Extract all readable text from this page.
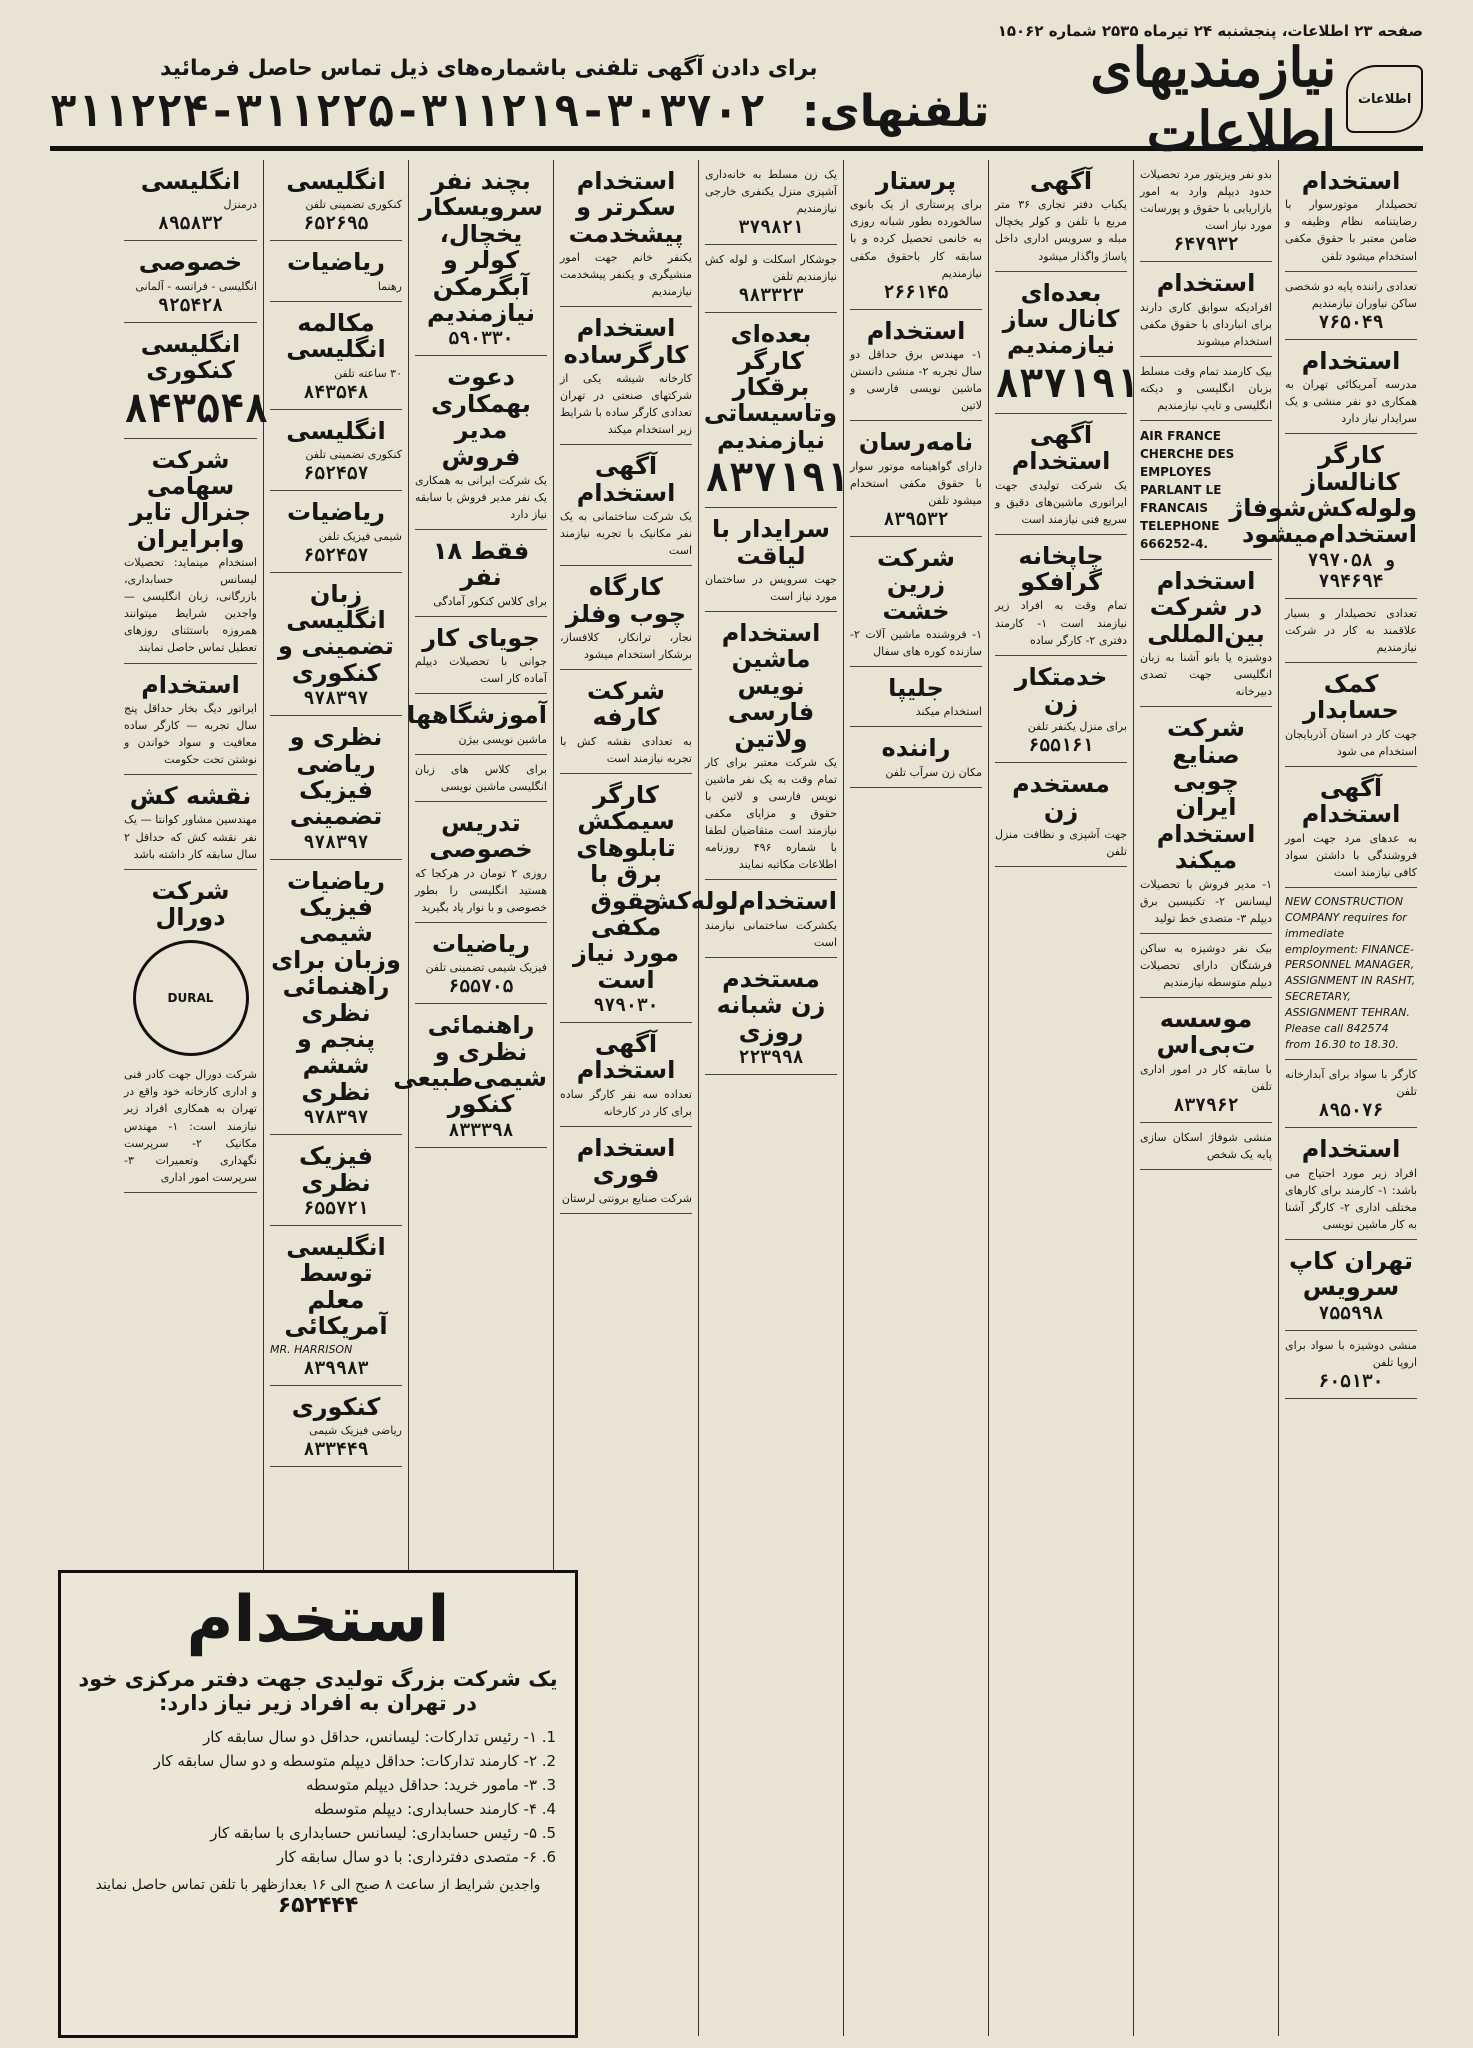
صفحه ۲۳ اطلاعات، پنجشنبه ۲۴ تیرماه ۲۵۳۵ شماره ۱۵۰۶۲
اطلاعات
نیازمندیهای اطلاعات
برای دادن آگهی تلفنی باشماره‌های ذیل تماس حاصل فرمائید
تلفنهای: ۳۰۳۷۰۲-۳۱۱۲۱۹-۳۱۱۲۲۵-۳۱۱۲۲۴
استخدام
تحصیلدار موتورسوار با رضایتنامه نظام وظیفه و ضامن معتبر با حقوق مکفی استخدام میشود تلفن
تعدادی راننده پایه دو شخصی ساکن نیاوران نیازمندیم
۷۶۵۰۴۹
استخدام
مدرسه آمریکائی تهران به همکاری دو نفر منشی و یک سرایدار نیاز دارد
کارگر کانالساز ولوله‌کش‌شوفاژ استخدام‌میشود
۷۹۷۰۵۸ و ۷۹۴۶۹۴
تعدادی تحصیلدار و بسیار علاقمند به کار در شرکت نیازمندیم
کمک حسابدار
جهت کار در استان آذربایجان استخدام می شود
آگهی استخدام
به عدهای مرد جهت امور فروشندگی با داشتن سواد کافی نیازمند است
NEW CONSTRUCTION COMPANY requires for immediate employment: FINANCE-PERSONNEL MANAGER, ASSIGNMENT IN RASHT, SECRETARY, ASSIGNMENT TEHRAN. Please call 842574 from 16.30 to 18.30.
کارگر با سواد برای آبدارخانه تلفن
۸۹۵۰۷۶
استخدام
افراد زیر مورد احتیاج می باشد: ۱- کارمند برای کارهای مختلف اداری ۲- کارگر آشنا به کار ماشین نویسی
تهران کاپ سرویس
۷۵۵۹۹۸
منشی دوشیزه با سواد برای اروپا تلفن
۶۰۵۱۳۰
بدو نفر ویزیتور مرد تحصیلات حدود دیپلم وارد به امور بازاریابی با حقوق و پورسانت مورد نیاز است
۶۴۷۹۳۲
استخدام
افرادیکه سوابق کاری دارند برای انباردای با حقوق مکفی استخدام میشوند
بیک کارمند تمام وقت مسلط بزبان انگلیسی و دیکته انگلیسی و تایپ نیازمندیم
AIR FRANCE CHERCHE DES EMPLOYES PARLANT LE FRANCAIS TELEPHONE 666252-4.
استخدام در شرکت بین‌المللی
دوشیزه یا بانو آشنا به زبان انگلیسی جهت تصدی دبیرخانه
شرکت صنایع چوبی ایران استخدام میکند
۱- مدیر فروش با تحصیلات لیسانس ۲- تکنیسین برق دیپلم ۳- متصدی خط تولید
بیک نفر دوشیزه به ساکن فرشتگان دارای تحصیلات دیپلم متوسطه نیازمندیم
موسسه ت‌بی‌اس
با سابقه کار در امور اداری تلفن
۸۳۷۹۶۲
منشی شوفاژ اسکان سازی پایه یک شخص
آگهی
یکباب دفتر تجاری ۳۶ متر مربع با تلفن و کولر یخچال مبله و سرویس اداری داخل پاساژ واگذار میشود
بعده‌ای کانال ساز نیازمندیم
۸۳۷۱۹۱
آگهی استخدام
یک شرکت تولیدی جهت ایراتوری ماشین‌های دقیق و سریع فنی نیازمند است
چاپخانه گرافکو
تمام وقت به افراد زیر نیازمند است ۱- کارمند دفتری ۲- کارگر ساده
خدمتکار زن
برای منزل یکنفر تلفن
۶۵۵۱۶۱
مستخدم زن
جهت آشپزی و نظافت منزل تلفن
پرستار
برای پرستاری از یک بانوی سالخورده بطور شبانه روزی به خانمی تحصیل کرده و با سابقه کار باحقوق مکفی نیازمندیم
۲۶۶۱۴۵
استخدام
۱- مهندس برق حداقل دو سال تجربه ۲- منشی دانستن ماشین نویسی فارسی و لاتین
نامه‌رسان
دارای گواهینامه موتور سوار با حقوق مکفی استخدام میشود تلفن
۸۳۹۵۳۲
شرکت زرین خشت
۱- فروشنده ماشین آلات ۲- سازنده کوره های سفال
جلیپا
استخدام میکند
راننده
مکان زن سرآب تلفن
یک زن مسلط به خانه‌داری آشپزی منزل یکنفری خارجی نیازمندیم
۳۷۹۸۲۱
جوشکار اسکلت و لوله کش نیازمندیم تلفن
۹۸۳۳۲۳
بعده‌ای کارگر برقکار وتاسیساتی نیازمندیم
۸۳۷۱۹۱
سرایدار با لیاقت
جهت سرویس در ساختمان مورد نیاز است
استخدام ماشین نویس فارسی ولاتین
یک شرکت معتبر برای کار تمام وقت به یک نفر ماشین نویس فارسی و لاتین با حقوق و مزایای مکفی نیازمند است متقاضیان لطفا با شماره ۴۹۶ روزنامه اطلاعات مکاتبه نمایند
استخدام‌لوله‌کش
یکشرکت ساختمانی نیازمند است
مستخدم زن شبانه روزی
۲۲۳۹۹۸
استخدام سکرتر و پیشخدمت
یکنفر خانم جهت امور منشیگری و یکنفر پیشخدمت نیازمندیم
استخدام کارگرساده
کارخانه شیشه یکی از شرکتهای صنعتی در تهران تعدادی کارگر ساده با شرایط زیر استخدام میکند
آگهی استخدام
یک شرکت ساختمانی به یک نفر مکانیک با تجربه نیازمند است
کارگاه چوب وفلز
نجار، ترانکار، کلافساز، برشکار استخدام میشود
شرکت کارفه
به تعدادی نقشه کش با تجربه نیازمند است
کارگر سیمکش تابلوهای برق با حقوق مکفی مورد نیاز است
۹۷۹۰۳۰
آگهی استخدام
تعداده سه نفر کارگر ساده برای کار در کارخانه
استخدام فوری
شرکت صنایع برونتی لرستان
بچند نفر سرویسکار یخچال، کولر و آبگرمکن نیازمندیم
۵۹۰۳۳۰
دعوت بهمکاری مدیر فروش
یک شرکت ایرانی به همکاری یک نفر مدیر فروش با سابقه نیاز دارد
فقط ۱۸ نفر
برای کلاس کنکور آمادگی
جویای کار
جوانی با تحصیلات دیپلم آماده کار است
آموزشگاهها
ماشین نویسی بیژن
برای کلاس های زبان انگلیسی ماشین نویسی
تدریس خصوصی
روزی ۲ تومان در هرکجا که هستید انگلیسی را بطور خصوصی و با نوار یاد بگیرید
ریاضیات
فیزیک شیمی تضمینی تلفن
۶۵۵۷۰۵
راهنمائی نظری و شیمی‌طبیعی کنکور
۸۳۳۳۹۸
انگلیسی
کنکوری تضمینی تلفن
۶۵۲۶۹۵
ریاضیات
رهنما
مکالمه انگلیسی
۳۰ ساعته تلفن
۸۴۳۵۴۸
انگلیسی
کنکوری تضمینی تلفن
۶۵۲۴۵۷
ریاضیات
شیمی فیزیک تلفن
۶۵۲۴۵۷
زبان انگلیسی تضمینی و کنکوری
۹۷۸۳۹۷
نظری و ریاضی فیزیک تضمینی
۹۷۸۳۹۷
ریاضیات فیزیک شیمی وزبان برای راهنمائی نظری پنجم و ششم نظری
۹۷۸۳۹۷
فیزیک نظری
۶۵۵۷۲۱
انگلیسی توسط معلم آمریکائی
MR. HARRISON
۸۳۹۹۸۳
کنکوری
ریاضی فیزیک شیمی
۸۳۳۴۴۹
انگلیسی
درمنزل
۸۹۵۸۳۲
خصوصی
انگلیسی - فرانسه - آلمانی
۹۲۵۴۲۸
انگلیسی کنکوری
۸۴۳۵۴۸
شرکت سهامی جنرال تایر وابرایران
استخدام مینماید: تحصیلات لیسانس حسابداری، بازرگانی، زبان انگلیسی — واجدین شرایط میتوانند همروزه باستثنای روزهای تعطیل تماس حاصل نمایند
استخدام
ایراتور دیگ بخار حداقل پنج سال تجربه — کارگر ساده معافیت و سواد خواندن و نوشتن تحت حکومت
نقشه کش
مهندسین مشاور کوانتا — یک نفر نقشه کش که حداقل ۲ سال سابقه کار داشته باشد
شرکت دورال
DURAL
شرکت دورال جهت کادر فنی و اداری کارخانه خود واقع در تهران به همکاری افراد زیر نیازمند است: ۱- مهندس مکانیک ۲- سرپرست نگهداری وتعمیرات ۳- سرپرست امور اداری
استخدام
یک شرکت بزرگ تولیدی جهت دفتر مرکزی خود در تهران به افراد زیر نیاز دارد:
1. ۱- رئیس تدارکات: لیسانس، حداقل دو سال سابقه کار
2. ۲- کارمند تدارکات: حداقل دیپلم متوسطه و دو سال سابقه کار
3. ۳- مامور خرید: حداقل دیپلم متوسطه
4. ۴- کارمند حسابداری: دیپلم متوسطه
5. ۵- رئیس حسابداری: لیسانس حسابداری با سابقه کار
6. ۶- متصدی دفترداری: با دو سال سابقه کار
واجدین شرایط از ساعت ۸ صبح الی ۱۶ بعدازظهر با تلفن تماس حاصل نمایند
۶۵۲۴۴۴
